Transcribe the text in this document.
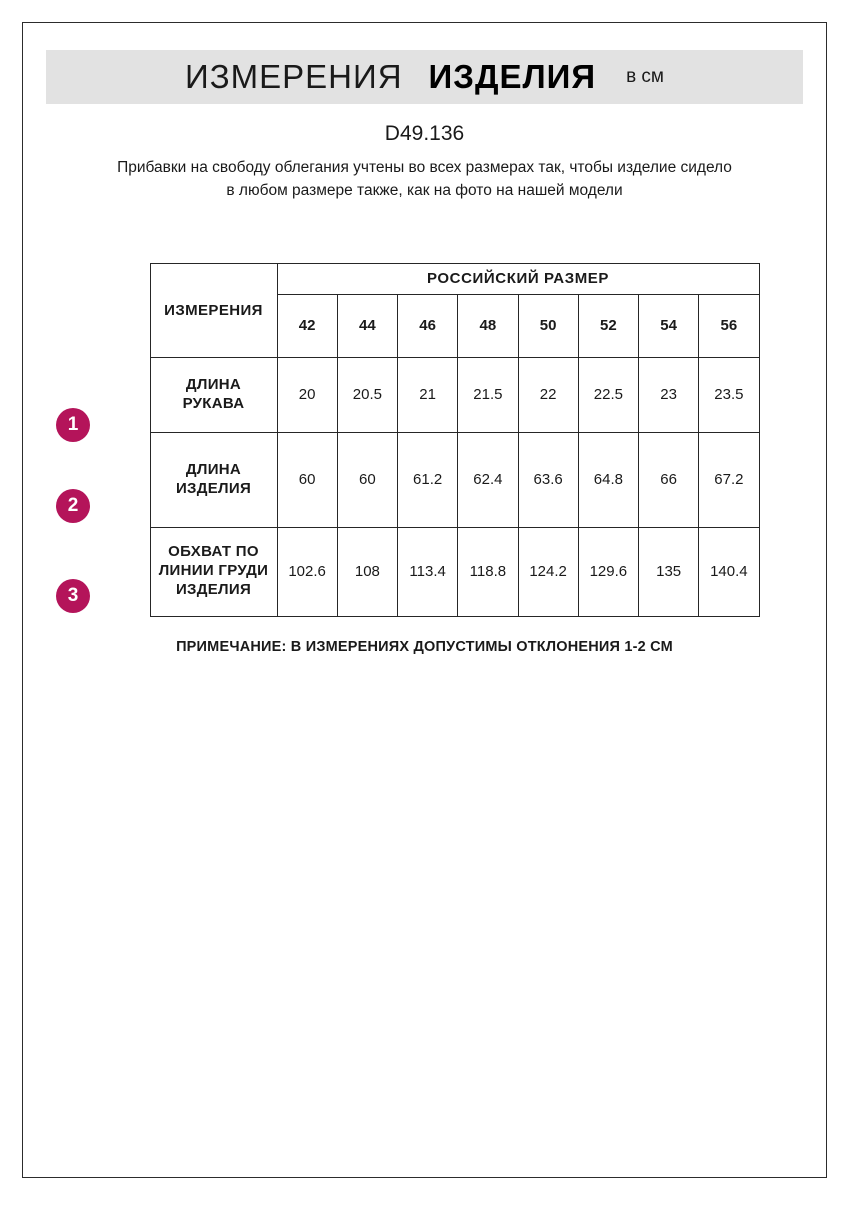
ИЗМЕРЕНИЯ ИЗДЕЛИЯ в см
D49.136
Прибавки на свободу облегания учтены во всех размерах так, чтобы изделие сидело в любом размере также, как на фото на нашей модели
1
2
3
ИЗМЕРЕНИЯ	РОССИЙСКИЙ РАЗМЕР							
	42	44	46	48	50	52	54	56
ДЛИНА РУКАВА	20	20.5	21	21.5	22	22.5	23	23.5
ДЛИНА ИЗДЕЛИЯ	60	60	61.2	62.4	63.6	64.8	66	67.2
ОБХВАТ ПО ЛИНИИ ГРУДИ ИЗДЕЛИЯ	102.6	108	113.4	118.8	124.2	129.6	135	140.4
ПРИМЕЧАНИЕ: В ИЗМЕРЕНИЯХ ДОПУСТИМЫ ОТКЛОНЕНИЯ 1-2 СМ
